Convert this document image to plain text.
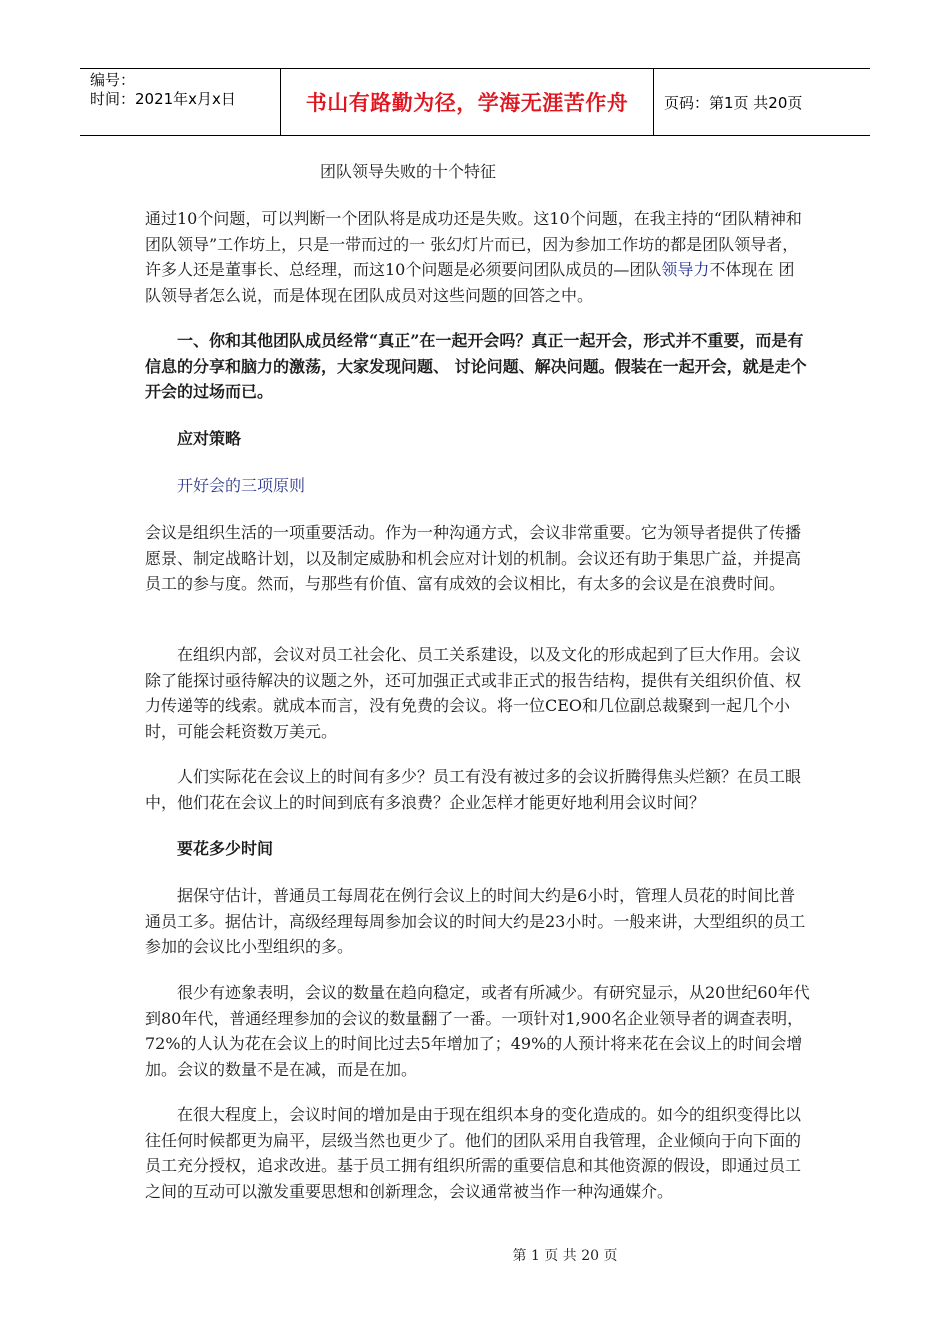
编号：
时间：2021年x月x日	书山有路勤为径，学海无涯苦作舟	页码：第1页 共20页

团队领导失败的十个特征

通过10个问题，可以判断一个团队将是成功还是失败。这10个问题，在我主持的“团队精神和团队领导”工作坊上，只是一带而过的一 张幻灯片而已，因为参加工作坊的都是团队领导者，许多人还是董事长、总经理，而这10个问题是必须要问团队成员的—团队领导力不体现在 团队领导者怎么说，而是体现在团队成员对这些问题的回答之中。

一、你和其他团队成员经常“真正”在一起开会吗？真正一起开会，形式并不重要，而是有信息的分享和脑力的激荡，大家发现问题、 讨论问题、解决问题。假装在一起开会，就是走个开会的过场而已。

应对策略

开好会的三项原则

会议是组织生活的一项重要活动。作为一种沟通方式，会议非常重要。它为领导者提供了传播愿景、制定战略计划，以及制定威胁和机会应对计划的机制。会议还有助于集思广益，并提高员工的参与度。然而，与那些有价值、富有成效的会议相比，有太多的会议是在浪费时间。

在组织内部，会议对员工社会化、员工关系建设，以及文化的形成起到了巨大作用。会议除了能探讨亟待解决的议题之外，还可加强正式或非正式的报告结构，提供有关组织价值、权力传递等的线索。就成本而言，没有免费的会议。将一位CEO和几位副总裁聚到一起几个小时，可能会耗资数万美元。

人们实际花在会议上的时间有多少？员工有没有被过多的会议折腾得焦头烂额？在员工眼中，他们花在会议上的时间到底有多浪费？企业怎样才能更好地利用会议时间？

要花多少时间

据保守估计，普通员工每周花在例行会议上的时间大约是6小时，管理人员花的时间比普通员工多。据估计，高级经理每周参加会议的时间大约是23小时。一般来讲，大型组织的员工参加的会议比小型组织的多。

很少有迹象表明，会议的数量在趋向稳定，或者有所减少。有研究显示，从20世纪60年代到80年代，普通经理参加的会议的数量翻了一番。一项针对1,900名企业领导者的调查表明，72%的人认为花在会议上的时间比过去5年增加了；49%的人预计将来花在会议上的时间会增加。会议的数量不是在减，而是在加。

在很大程度上，会议时间的增加是由于现在组织本身的变化造成的。如今的组织变得比以往任何时候都更为扁平，层级当然也更少了。他们的团队采用自我管理，企业倾向于向下面的员工充分授权，追求改进。基于员工拥有组织所需的重要信息和其他资源的假设，即通过员工之间的互动可以激发重要思想和创新理念，会议通常被当作一种沟通媒介。

第 1 页 共 20 页
